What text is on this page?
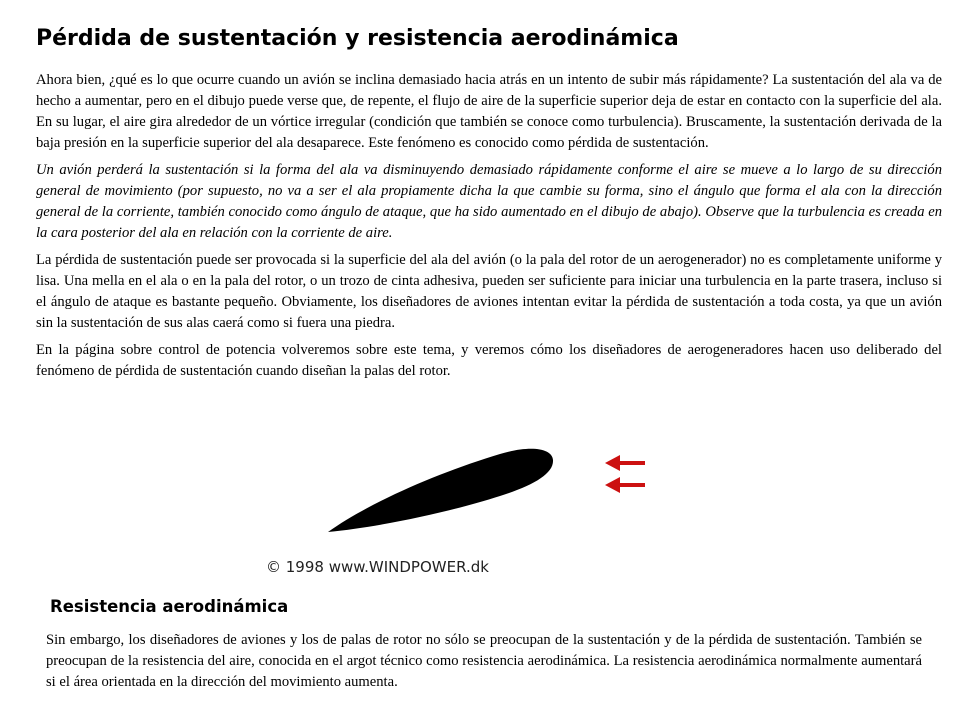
Pérdida de sustentación y resistencia aerodinámica

Ahora bien, ¿qué es lo que ocurre cuando un avión se inclina demasiado hacia atrás en un intento de subir más rápidamente? La sustentación del ala va de hecho a aumentar, pero en el dibujo puede verse que, de repente, el flujo de aire de la superficie superior deja de estar en contacto con la superficie del ala. En su lugar, el aire gira alrededor de un vórtice irregular (condición que también se conoce como turbulencia). Bruscamente, la sustentación derivada de la baja presión en la superficie superior del ala desaparece. Este fenómeno es conocido como pérdida de sustentación.

Un avión perderá la sustentación si la forma del ala va disminuyendo demasiado rápidamente conforme el aire se mueve a lo largo de su dirección general de movimiento (por supuesto, no va a ser el ala propiamente dicha la que cambie su forma, sino el ángulo que forma el ala con la dirección general de la corriente, también conocido como ángulo de ataque, que ha sido aumentado en el dibujo de abajo). Observe que la turbulencia es creada en la cara posterior del ala en relación con la corriente de aire.

La pérdida de sustentación puede ser provocada si la superficie del ala del avión (o la pala del rotor de un aerogenerador) no es completamente uniforme y lisa. Una mella en el ala o en la pala del rotor, o un trozo de cinta adhesiva, pueden ser suficiente para iniciar una turbulencia en la parte trasera, incluso si el ángulo de ataque es bastante pequeño. Obviamente, los diseñadores de aviones intentan evitar la pérdida de sustentación a toda costa, ya que un avión sin la sustentación de sus alas caerá como si fuera una piedra.

En la página sobre control de potencia volveremos sobre este tema, y veremos cómo los diseñadores de aerogeneradores hacen uso deliberado del fenómeno de pérdida de sustentación cuando diseñan la palas del rotor.

© 1998 www.WINDPOWER.dk
Resistencia aerodinámica

Sin embargo, los diseñadores de aviones y los de palas de rotor no sólo se preocupan de la sustentación y de la pérdida de sustentación. También se preocupan de la resistencia del aire, conocida en el argot técnico como resistencia aerodinámica. La resistencia aerodinámica normalmente aumentará si el área orientada en la dirección del movimiento aumenta.
